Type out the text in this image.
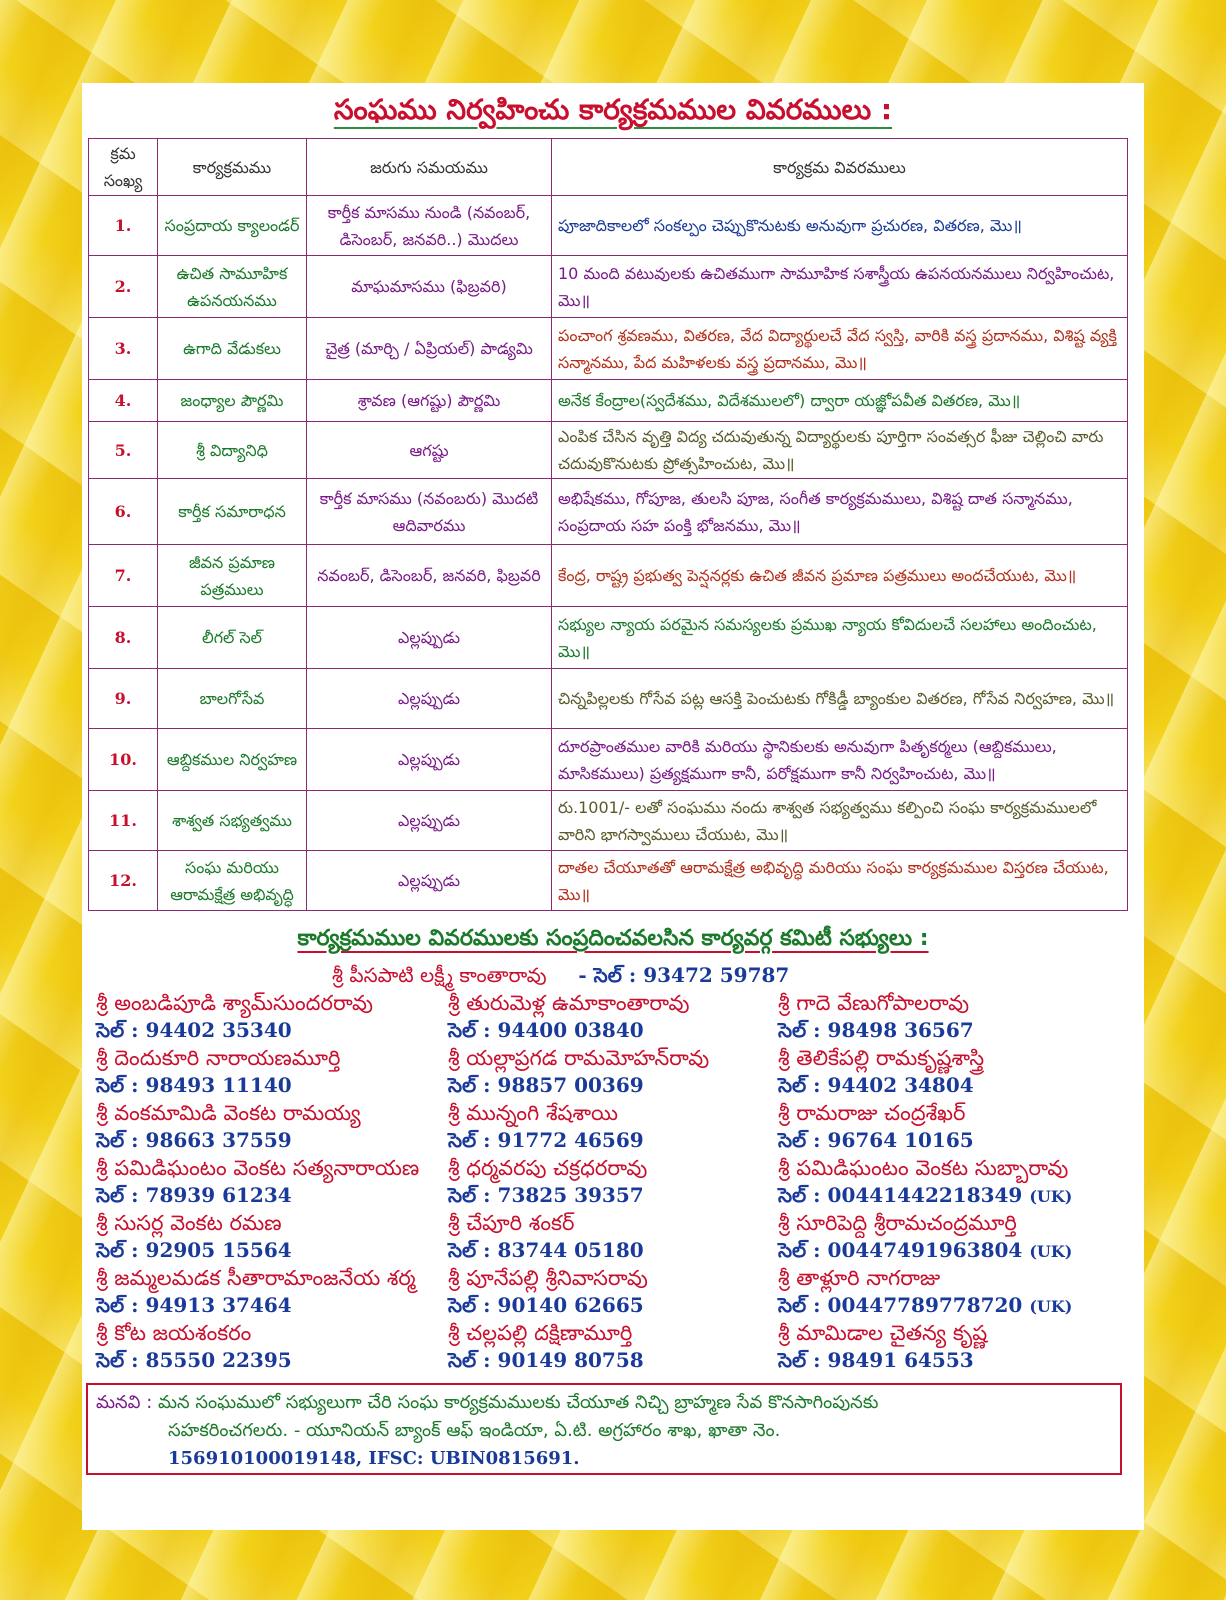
సంఘము నిర్వహించు కార్యక్రమముల వివరములు :
క్రమ
సంఖ్య	కార్యక్రమము	జరుగు సమయము	కార్యక్రమ వివరములు
1.	సంప్రదాయ క్యాలండర్	కార్తీక మాసము నుండి (నవంబర్, డిసెంబర్, జనవరి..) మొదలు	పూజాదికాలలో సంకల్పం చెప్పుకొనుటకు అనువుగా ప్రచురణ, వితరణ, మొ॥
2.	ఉచిత సామూహిక ఉపనయనము	మాఘమాసము (ఫిబ్రవరి)	10 మంది వటువులకు ఉచితముగా సామూహిక సశాస్త్రీయ ఉపనయనములు నిర్వహించుట, మొ॥
3.	ఉగాది వేడుకలు	చైత్ర (మార్చి / ఏప్రియల్) పాడ్యమి	పంచాంగ శ్రవణము, వితరణ, వేద విద్యార్థులచే వేద స్వస్తి, వారికి వస్త్ర ప్రదానము, విశిష్ట వ్యక్తి సన్మానము, పేద మహిళలకు వస్త్ర ప్రదానము, మొ॥
4.	జంధ్యాల పౌర్ణమి	శ్రావణ (ఆగష్టు) పౌర్ణమి	అనేక కేంద్రాల(స్వదేశము, విదేశములలో) ద్వారా యజ్ఞోపవీత వితరణ, మొ॥
5.	శ్రీ విద్యానిధి	ఆగష్టు	ఎంపిక చేసిన వృత్తి విద్య చదువుతున్న విద్యార్థులకు పూర్తిగా సంవత్సర ఫీజు చెల్లించి వారు చదువుకొనుటకు ప్రోత్సహించుట, మొ॥
6.	కార్తీక సమారాధన	కార్తీక మాసము (నవంబరు) మొదటి ఆదివారము	అభిషేకము, గోపూజ, తులసి పూజ, సంగీత కార్యక్రమములు, విశిష్ట దాత సన్మానము, సంప్రదాయ సహ పంక్తి భోజనము, మొ॥
7.	జీవన ప్రమాణ పత్రములు	నవంబర్, డిసెంబర్, జనవరి, ఫిబ్రవరి	కేంద్ర, రాష్ట్ర ప్రభుత్వ పెన్షనర్లకు ఉచిత జీవన ప్రమాణ పత్రములు అందచేయుట, మొ॥
8.	లీగల్ సెల్	ఎల్లప్పుడు	సభ్యుల న్యాయ పరమైన సమస్యలకు ప్రముఖ న్యాయ కోవిదులచే సలహాలు అందించుట, మొ॥
9.	బాలగోసేవ	ఎల్లప్పుడు	చిన్నపిల్లలకు గోసేవ పట్ల ఆసక్తి పెంచుటకు గోకిడ్డీ బ్యాంకుల వితరణ, గోసేవ నిర్వహణ, మొ॥
10.	ఆబ్దికముల నిర్వహణ	ఎల్లప్పుడు	దూరప్రాంతముల వారికి మరియు స్థానికులకు అనువుగా పితృకర్మలు (ఆబ్దికములు, మాసికములు) ప్రత్యక్షముగా కానీ, పరోక్షముగా కానీ నిర్వహించుట, మొ॥
11.	శాశ్వత సభ్యత్వము	ఎల్లప్పుడు	రు.1001/- లతో సంఘము నందు శాశ్వత సభ్యత్వము కల్పించి సంఘ కార్యక్రమములలో వారిని భాగస్వాములు చేయుట, మొ॥
12.	సంఘ మరియు ఆరామక్షేత్ర అభివృద్ధి	ఎల్లప్పుడు	దాతల చేయూతతో ఆరామక్షేత్ర అభివృద్ధి మరియు సంఘ కార్యక్రమముల విస్తరణ చేయుట, మొ॥
కార్యక్రమముల వివరములకు సంప్రదించవలసిన కార్యవర్గ కమిటీ సభ్యులు :
శ్రీ పీసపాటి లక్ష్మీ కాంతారావు - సెల్ : 93472 59787
శ్రీ అంబడిపూడి శ్యామ్‌సుందరరావు
సెల్ : 94402 35340
శ్రీ దెందుకూరి నారాయణమూర్తి
సెల్ : 98493 11140
శ్రీ వంకమామిడి వెంకట రామయ్య
సెల్ : 98663 37559
శ్రీ పమిడిఘంటం వెంకట సత్యనారాయణ
సెల్ : 78939 61234
శ్రీ సుసర్ల వెంకట రమణ
సెల్ : 92905 15564
శ్రీ జమ్మలమడక సీతారామాంజనేయ శర్మ
సెల్ : 94913 37464
శ్రీ కోట జయశంకరం
సెల్ : 85550 22395
శ్రీ తురుమెళ్ల ఉమాకాంతారావు
సెల్ : 94400 03840
శ్రీ యల్లాప్రగడ రామమోహన్‌రావు
సెల్ : 98857 00369
శ్రీ మున్నంగి శేషశాయి
సెల్ : 91772 46569
శ్రీ ధర్మవరపు చక్రధరరావు
సెల్ : 73825 39357
శ్రీ చేపూరి శంకర్
సెల్ : 83744 05180
శ్రీ పూనేపల్లి శ్రీనివాసరావు
సెల్ : 90140 62665
శ్రీ చల్లపల్లి దక్షిణామూర్తి
సెల్ : 90149 80758
శ్రీ గాదె వేణుగోపాలరావు
సెల్ : 98498 36567
శ్రీ తెలికేపల్లి రామకృష్ణశాస్త్రి
సెల్ : 94402 34804
శ్రీ రామరాజు చంద్రశేఖర్
సెల్ : 96764 10165
శ్రీ పమిడిఘంటం వెంకట సుబ్బారావు
సెల్ : 00441442218349 (UK)
శ్రీ సూరిపెద్ది శ్రీరామచంద్రమూర్తి
సెల్ : 00447491963804 (UK)
శ్రీ తాళ్లూరి నాగరాజు
సెల్ : 00447789778720 (UK)
శ్రీ మామిడాల చైతన్య కృష్ణ
సెల్ : 98491 64553
మనవి : మన సంఘములో సభ్యులుగా చేరి సంఘ కార్యక్రమములకు చేయూత నిచ్చి బ్రాహ్మణ సేవ కొనసాగింపునకు
సహకరించగలరు. - యూనియన్ బ్యాంక్ ఆఫ్ ఇండియా, ఏ.టి. అగ్రహారం శాఖ, ఖాతా నెం.
15691010001914​8, IFSC: UBIN0815691.
